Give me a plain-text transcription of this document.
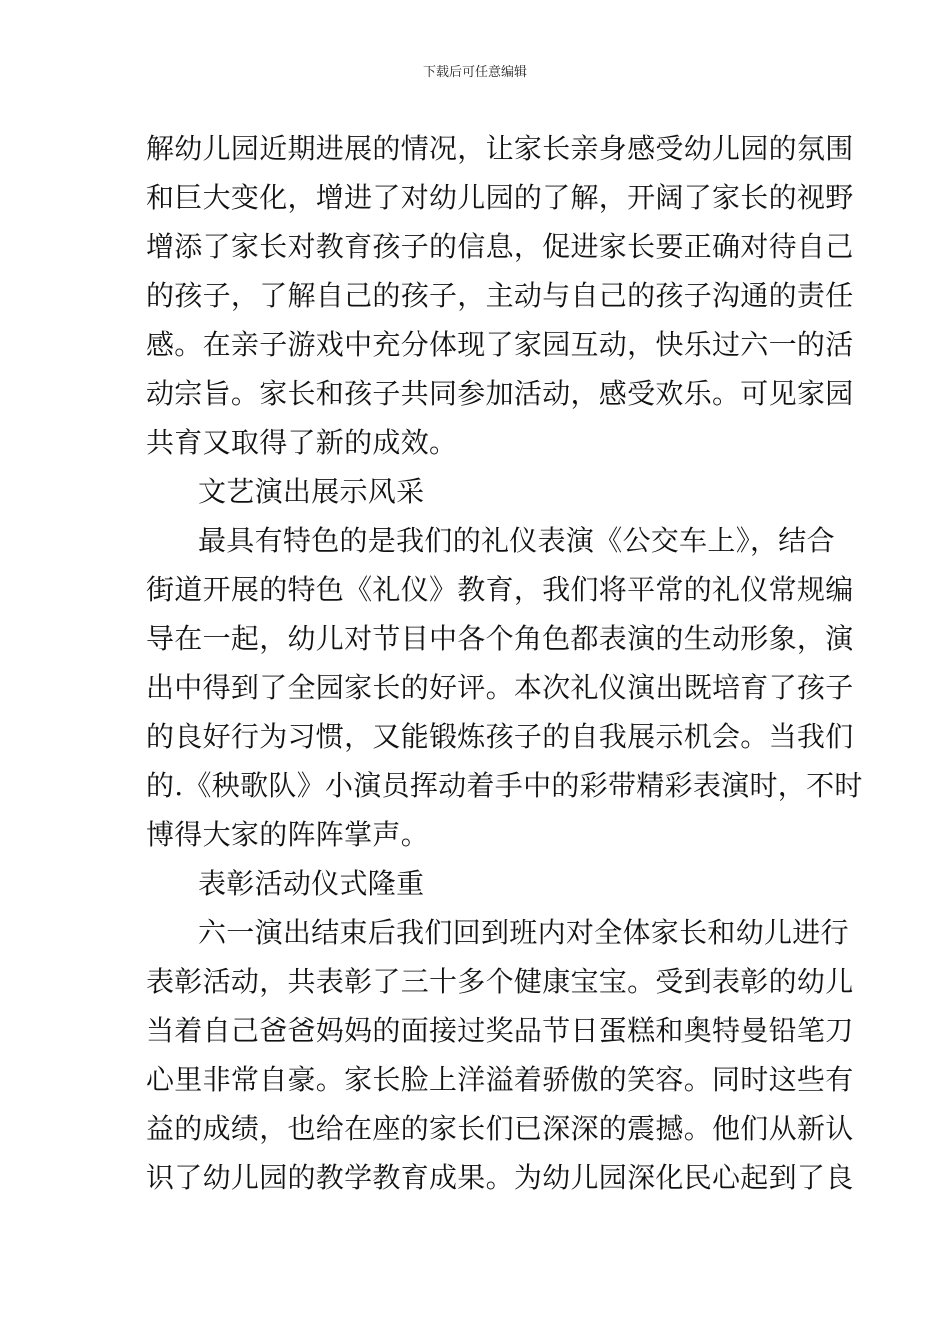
下载后可任意编辑
解幼儿园近期进展的情况，让家长亲身感受幼儿园的氛围
和巨大变化，增进了对幼儿园的了解，开阔了家长的视野
增添了家长对教育孩子的信息，促进家长要正确对待自己
的孩子，了解自己的孩子，主动与自己的孩子沟通的责任
感。在亲子游戏中充分体现了家园互动，快乐过六一的活
动宗旨。家长和孩子共同参加活动，感受欢乐。可见家园
共育又取得了新的成效。
文艺演出展示风采
最具有特色的是我们的礼仪表演《公交车上》，结合
街道开展的特色《礼仪》教育，我们将平常的礼仪常规编
导在一起，幼儿对节目中各个角色都表演的生动形象，演
出中得到了全园家长的好评。本次礼仪演出既培育了孩子
的良好行为习惯，又能锻炼孩子的自我展示机会。当我们
的.《秧歌队》小演员挥动着手中的彩带精彩表演时，不时
博得大家的阵阵掌声。
表彰活动仪式隆重
六一演出结束后我们回到班内对全体家长和幼儿进行
表彰活动，共表彰了三十多个健康宝宝。受到表彰的幼儿
当着自己爸爸妈妈的面接过奖品节日蛋糕和奥特曼铅笔刀
心里非常自豪。家长脸上洋溢着骄傲的笑容。同时这些有
益的成绩，也给在座的家长们已深深的震撼。他们从新认
识了幼儿园的教学教育成果。为幼儿园深化民心起到了良
